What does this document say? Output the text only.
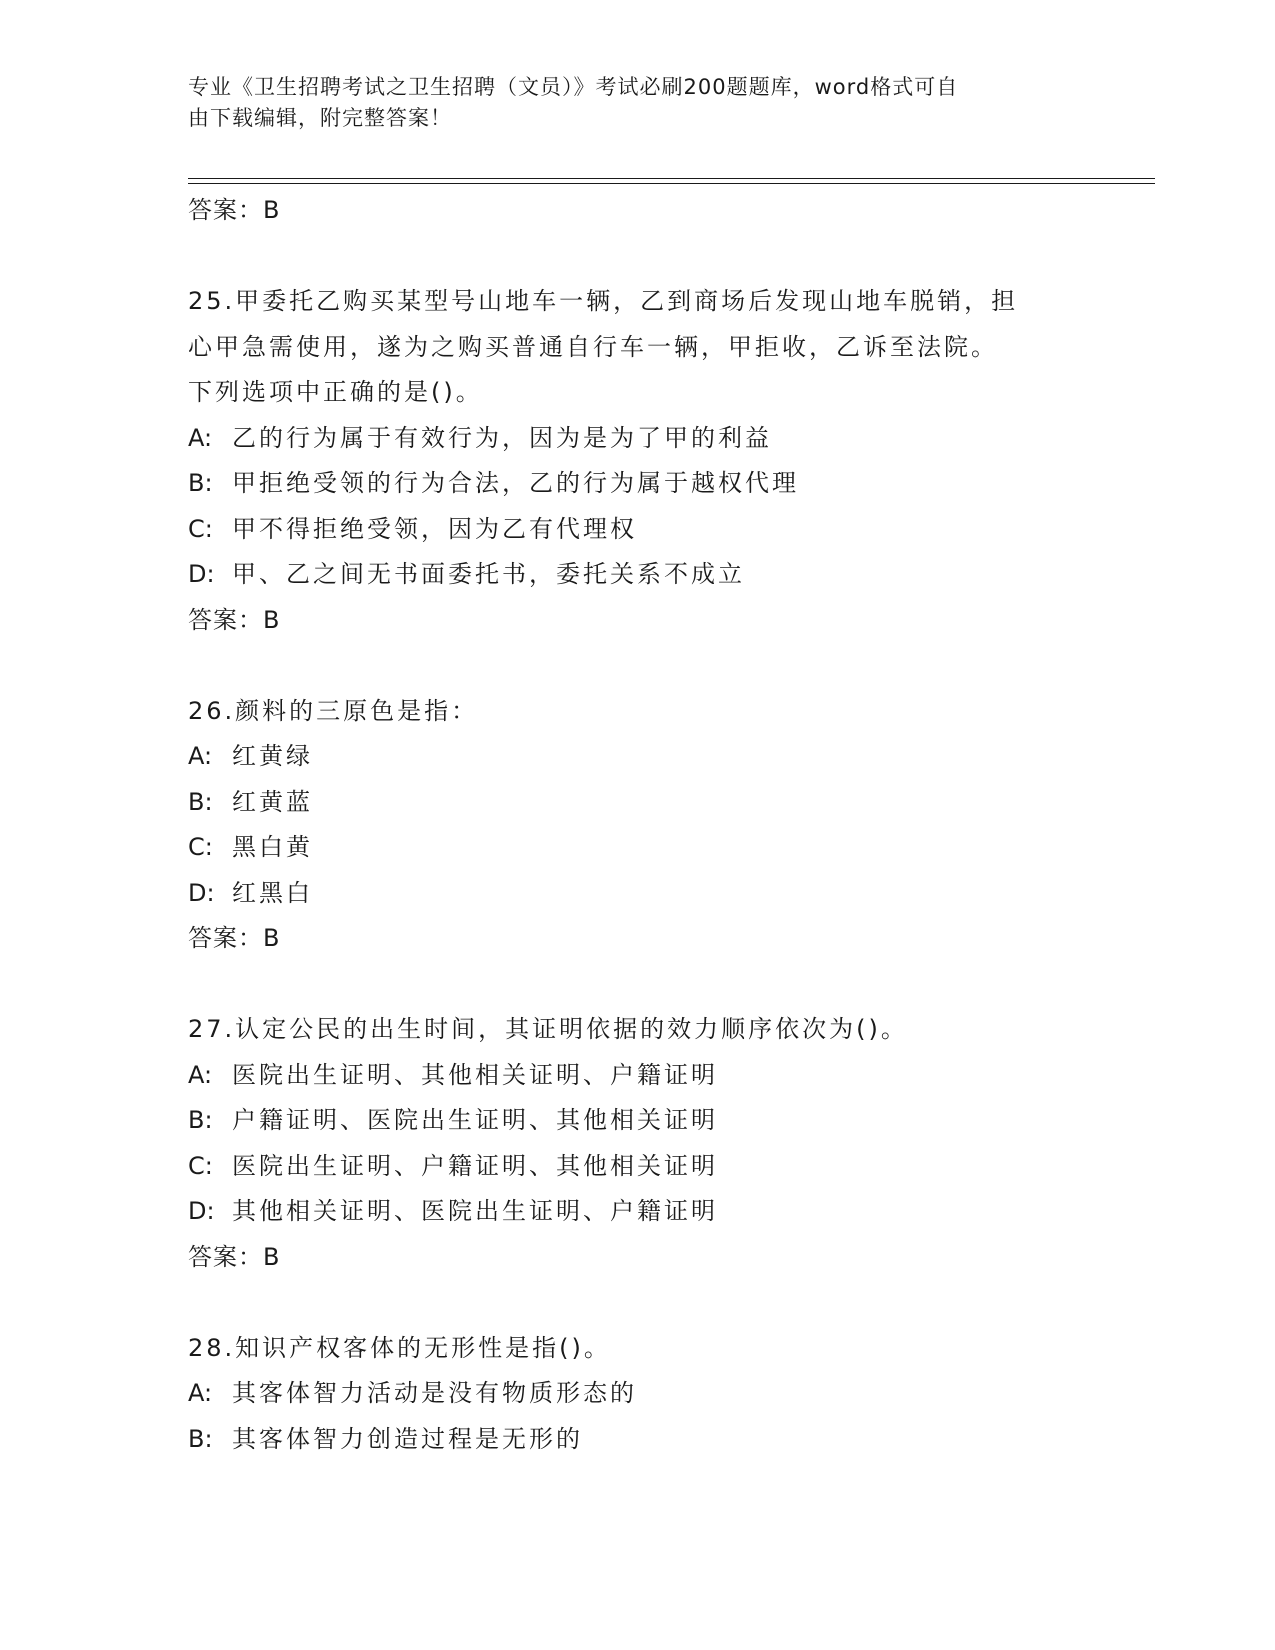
专业《卫生招聘考试之卫生招聘（文员）》考试必刷200题题库，word格式可自
由下载编辑，附完整答案！
答案：B
25.甲委托乙购买某型号山地车一辆，乙到商场后发现山地车脱销，担
心甲急需使用，遂为之购买普通自行车一辆，甲拒收，乙诉至法院。
下列选项中正确的是()。
A: 乙的行为属于有效行为，因为是为了甲的利益
B: 甲拒绝受领的行为合法，乙的行为属于越权代理
C: 甲不得拒绝受领，因为乙有代理权
D: 甲、乙之间无书面委托书，委托关系不成立
答案：B
26.颜料的三原色是指：
A: 红黄绿
B: 红黄蓝
C: 黑白黄
D: 红黑白
答案：B
27.认定公民的出生时间，其证明依据的效力顺序依次为()。
A: 医院出生证明、其他相关证明、户籍证明
B: 户籍证明、医院出生证明、其他相关证明
C: 医院出生证明、户籍证明、其他相关证明
D: 其他相关证明、医院出生证明、户籍证明
答案：B
28.知识产权客体的无形性是指()。
A: 其客体智力活动是没有物质形态的
B: 其客体智力创造过程是无形的
